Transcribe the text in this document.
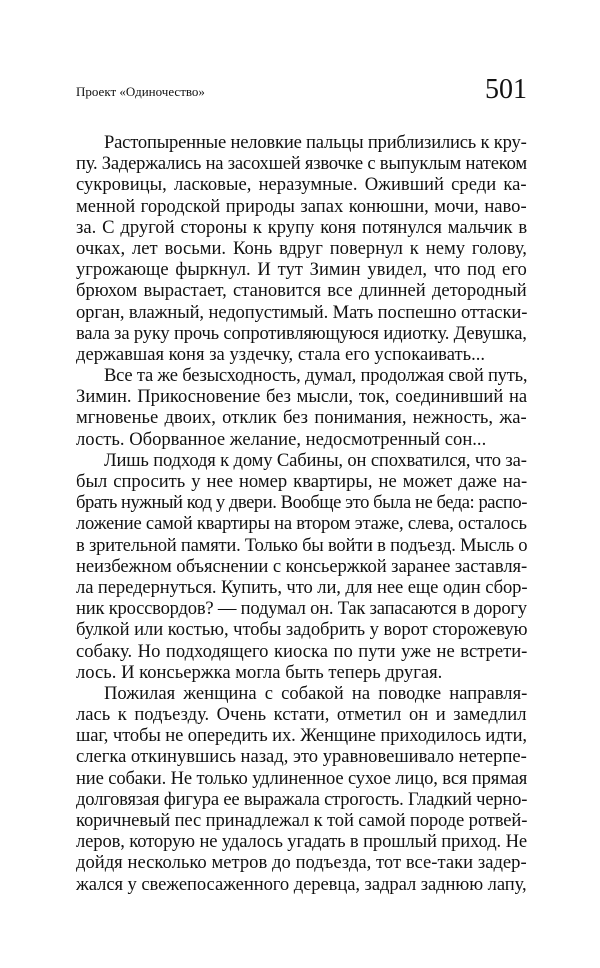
Проект «Одиночество»	501
Растопыренные неловкие пальцы приблизились к кру-
пу. Задержались на засохшей язвочке с выпуклым натеком
сукровицы, ласковые, неразумные. Оживший среди ка-
менной городской природы запах конюшни, мочи, наво-
за. С другой стороны к крупу коня потянулся мальчик в
очках, лет восьми. Конь вдруг повернул к нему голову,
угрожающе фыркнул. И тут Зимин увидел, что под его
брюхом вырастает, становится все длинней детородный
орган, влажный, недопустимый. Мать поспешно оттаски-
вала за руку прочь сопротивляющуюся идиотку. Девушка,
державшая коня за уздечку, стала его успокаивать...
Все та же безысходность, думал, продолжая свой путь,
Зимин. Прикосновение без мысли, ток, соединивший на
мгновенье двоих, отклик без понимания, нежность, жа-
лость. Оборванное желание, недосмотренный сон...
Лишь подходя к дому Сабины, он спохватился, что за-
был спросить у нее номер квартиры, не может даже на-
брать нужный код у двери. Вообще это была не беда: распо-
ложение самой квартиры на втором этаже, слева, осталось
в зрительной памяти. Только бы войти в подъезд. Мысль о
неизбежном объяснении с консьержкой заранее заставля-
ла передернуться. Купить, что ли, для нее еще один сбор-
ник кроссвордов? — подумал он. Так запасаются в дорогу
булкой или костью, чтобы задобрить у ворот сторожевую
собаку. Но подходящего киоска по пути уже не встрети-
лось. И консьержка могла быть теперь другая.
Пожилая женщина с собакой на поводке направля-
лась к подъезду. Очень кстати, отметил он и замедлил
шаг, чтобы не опередить их. Женщине приходилось идти,
слегка откинувшись назад, это уравновешивало нетерпе-
ние собаки. Не только удлиненное сухое лицо, вся прямая
долговязая фигура ее выражала строгость. Гладкий черно-
коричневый пес принадлежал к той самой породе ротвей-
леров, которую не удалось угадать в прошлый приход. Не
дойдя несколько метров до подъезда, тот все-таки задер-
жался у свежепосаженного деревца, задрал заднюю лапу,
